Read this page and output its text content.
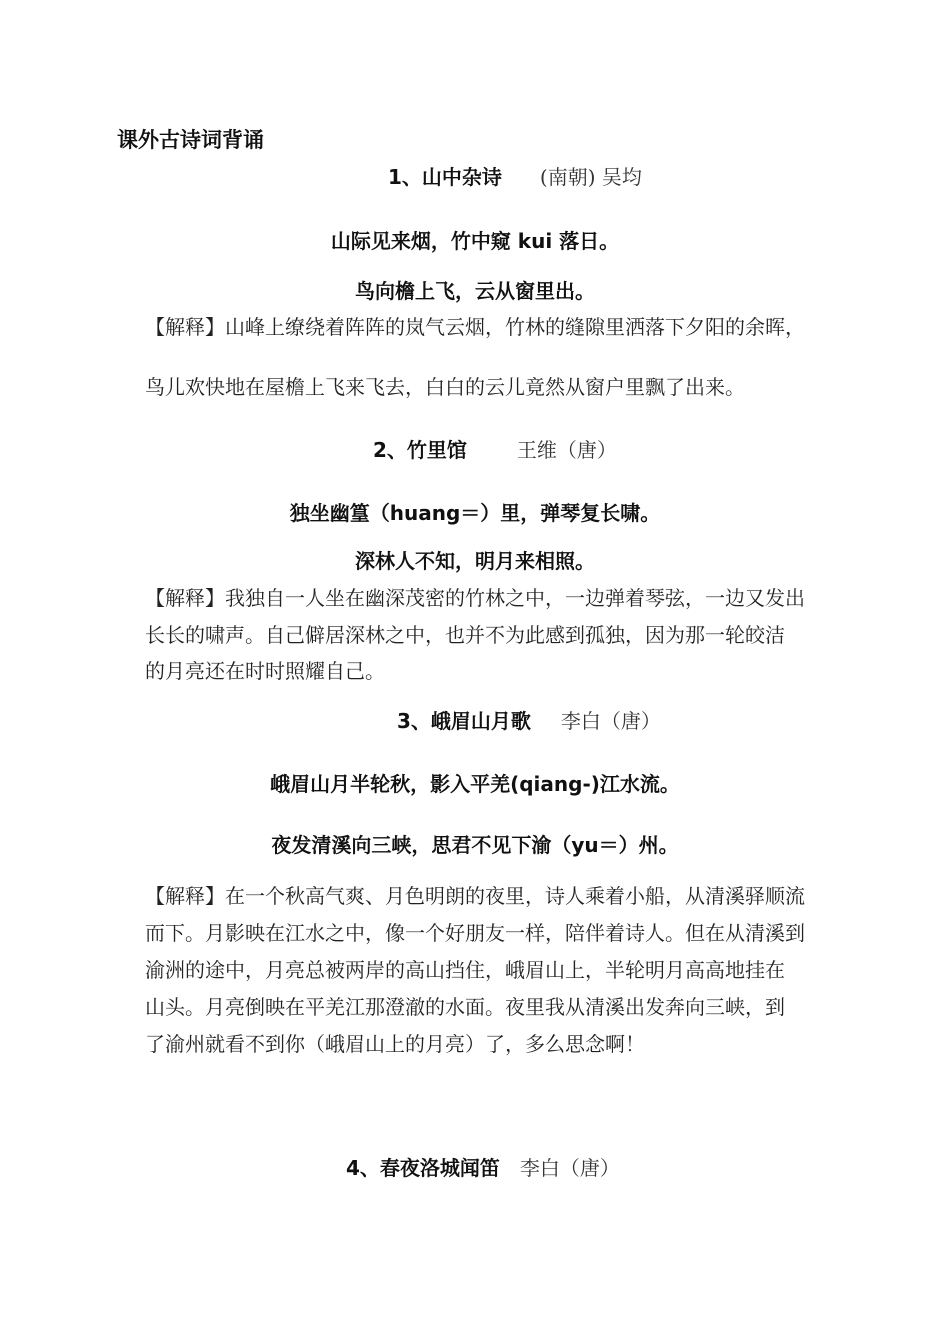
课外古诗词背诵
1、山中杂诗 (南朝) 吴均
山际见来烟，竹中窥 kui 落日。
鸟向檐上飞，云从窗里出。
【解释】山峰上缭绕着阵阵的岚气云烟，竹林的缝隙里洒落下夕阳的余晖，
鸟儿欢快地在屋檐上飞来飞去，白白的云儿竟然从窗户里飘了出来。
2、竹里馆	王维（唐）
独坐幽篁（huang＝）里，弹琴复长啸。
深林人不知，明月来相照。
【解释】我独自一人坐在幽深茂密的竹林之中，一边弹着琴弦，一边又发出
长长的啸声。自己僻居深林之中，也并不为此感到孤独，因为那一轮皎洁
的月亮还在时时照耀自己。
3、峨眉山月歌 李白（唐）
峨眉山月半轮秋，影入平羌(qiang-)江水流。
夜发清溪向三峡，思君不见下渝（yu＝）州。
【解释】在一个秋高气爽、月色明朗的夜里，诗人乘着小船，从清溪驿顺流
而下。月影映在江水之中，像一个好朋友一样，陪伴着诗人。但在从清溪到
渝洲的途中，月亮总被两岸的高山挡住，峨眉山上，半轮明月高高地挂在
山头。月亮倒映在平羌江那澄澈的水面。夜里我从清溪出发奔向三峡，到
了渝州就看不到你（峨眉山上的月亮）了，多么思念啊！
4、春夜洛城闻笛 李白（唐）
